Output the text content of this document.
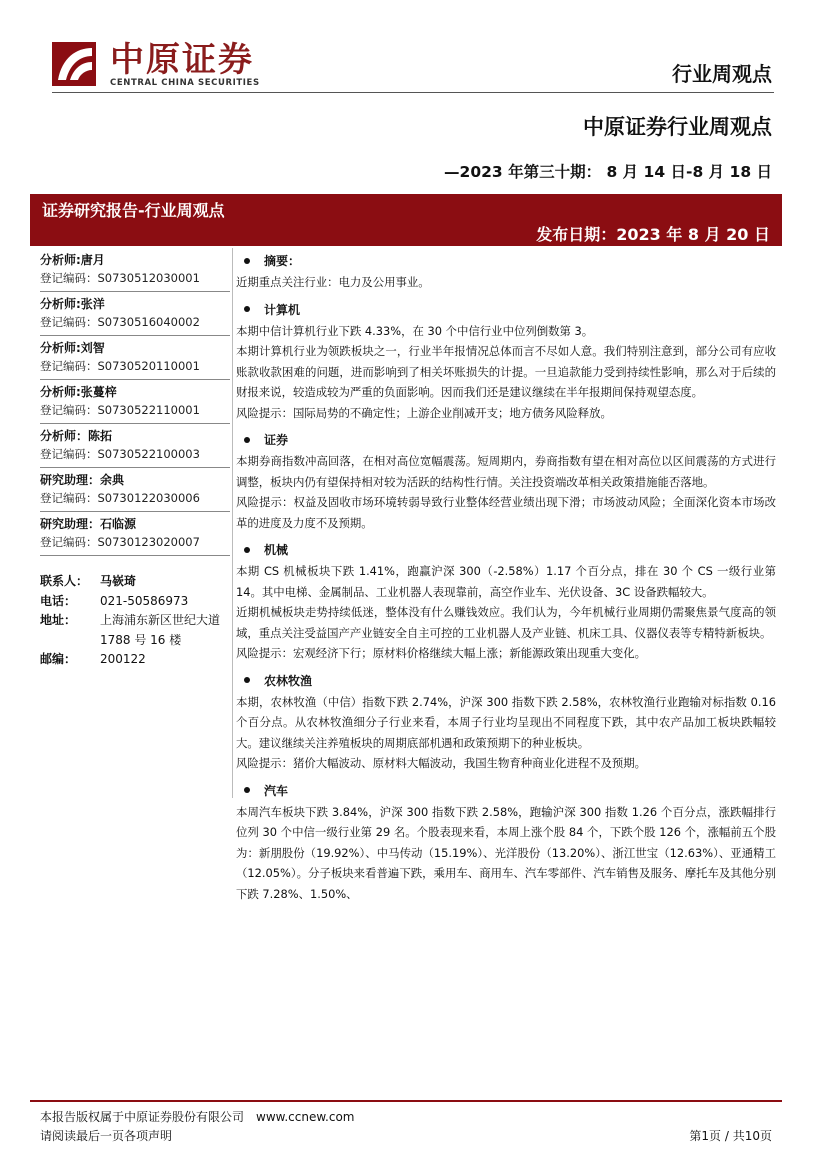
中原证券
CENTRAL CHINA SECURITIES	行业周观点
中原证券行业周观点
—2023 年第三十期： 8 月 14 日-8 月 18 日
证券研究报告-行业周观点
发布日期：2023 年 8 月 20 日
分析师:唐月
登记编码：S0730512030001
分析师:张洋
登记编码：S0730516040002
分析师:刘智
登记编码：S0730520110001
分析师:张蔓梓
登记编码：S0730522110001
分析师：陈拓
登记编码：S0730522100003
研究助理：余典
登记编码：S0730122030006
研究助理：石临源
登记编码：S0730123020007
联系人： 马嵚琦
电话：	021-50586973
地址：	上海浦东新区世纪大道 1788 号 16 楼
邮编：	200122
摘要：

近期重点关注行业：电力及公用事业。

计算机

本期中信计算机行业下跌 4.33%，在 30 个中信行业中位列倒数第 3。

本期计算机行业为领跌板块之一，行业半年报情况总体而言不尽如人意。我们特别注意到，部分公司有应收账款收款困难的问题，进而影响到了相关坏账损失的计提。一旦追款能力受到持续性影响，那么对于后续的财报来说，较造成较为严重的负面影响。因而我们还是建议继续在半年报期间保持观望态度。

风险提示：国际局势的不确定性；上游企业削减开支；地方债务风险释放。

证券

本期券商指数冲高回落，在相对高位宽幅震荡。短周期内，券商指数有望在相对高位以区间震荡的方式进行调整，板块内仍有望保持相对较为活跃的结构性行情。关注投资端改革相关政策措施能否落地。

风险提示：权益及固收市场环境转弱导致行业整体经营业绩出现下滑；市场波动风险；全面深化资本市场改革的进度及力度不及预期。

机械

本期 CS 机械板块下跌 1.41%，跑赢沪深 300（-2.58%）1.17 个百分点，排在 30 个 CS 一级行业第 14。其中电梯、金属制品、工业机器人表现靠前，高空作业车、光伏设备、3C 设备跌幅较大。

近期机械板块走势持续低迷，整体没有什么赚钱效应。我们认为，今年机械行业周期仍需聚焦景气度高的领域，重点关注受益国产产业链安全自主可控的工业机器人及产业链、机床工具、仪器仪表等专精特新板块。

风险提示：宏观经济下行；原材料价格继续大幅上涨；新能源政策出现重大变化。

农林牧渔

本期，农林牧渔（中信）指数下跌 2.74%，沪深 300 指数下跌 2.58%，农林牧渔行业跑输对标指数 0.16 个百分点。从农林牧渔细分子行业来看，本周子行业均呈现出不同程度下跌，其中农产品加工板块跌幅较大。建议继续关注养殖板块的周期底部机遇和政策预期下的种业板块。

风险提示：猪价大幅波动、原材料大幅波动，我国生物育种商业化进程不及预期。

汽车

本周汽车板块下跌 3.84%，沪深 300 指数下跌 2.58%，跑输沪深 300 指数 1.26 个百分点，涨跌幅排行位列 30 个中信一级行业第 29 名。个股表现来看，本周上涨个股 84 个，下跌个股 126 个，涨幅前五个股为：新朋股份（19.92%）、中马传动（15.19%）、光洋股份（13.20%）、浙江世宝（12.63%）、亚通精工（12.05%）。分子板块来看普遍下跌，乘用车、商用车、汽车零部件、汽车销售及服务、摩托车及其他分别下跌 7.28%、1.50%、

本报告版权属于中原证券股份有限公司　www.ccnew.com
请阅读最后一页各项声明	第1页 / 共10页
